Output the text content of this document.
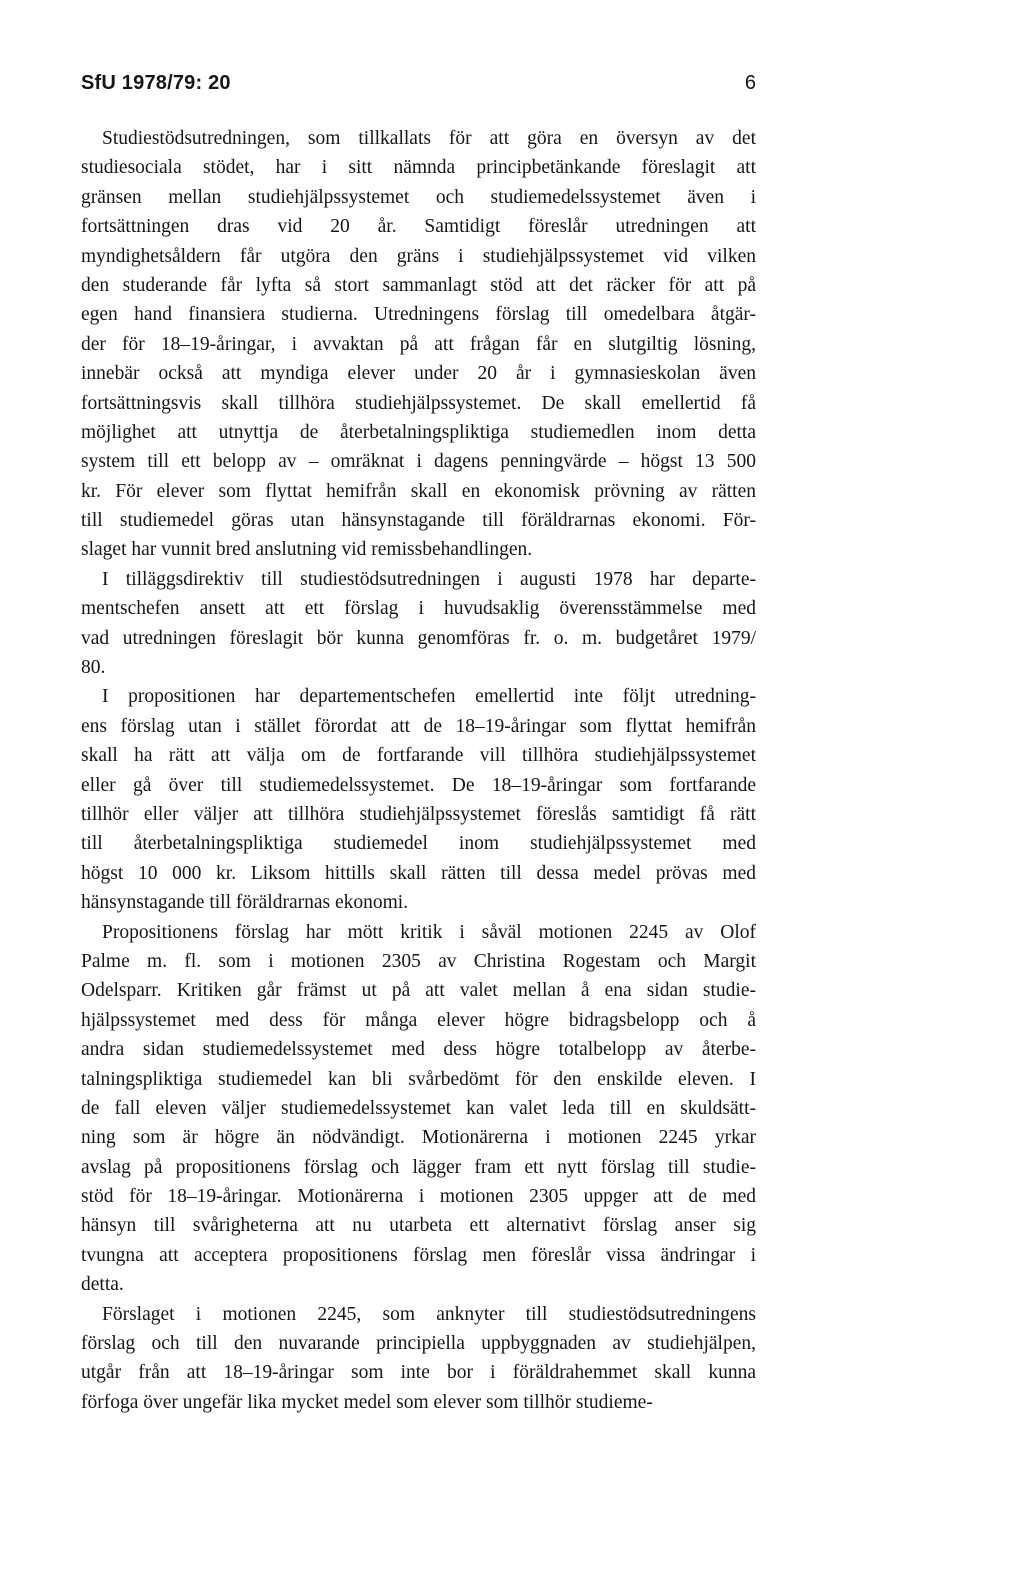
SfU 1978/79: 20	6
Studiestödsutredningen, som tillkallats för att göra en översyn av det
studiesociala stödet, har i sitt nämnda principbetänkande föreslagit att
gränsen mellan studiehjälpssystemet och studiemedelssystemet även i
fortsättningen dras vid 20 år. Samtidigt föreslår utredningen att
myndighetsåldern får utgöra den gräns i studiehjälpssystemet vid vilken
den studerande får lyfta så stort sammanlagt stöd att det räcker för att på
egen hand finansiera studierna. Utredningens förslag till omedelbara åtgär-
der för 18–19-åringar, i avvaktan på att frågan får en slutgiltig lösning,
innebär också att myndiga elever under 20 år i gymnasieskolan även
fortsättningsvis skall tillhöra studiehjälpssystemet. De skall emellertid få
möjlighet att utnyttja de återbetalningspliktiga studiemedlen inom detta
system till ett belopp av – omräknat i dagens penningvärde – högst 13 500
kr. För elever som flyttat hemifrån skall en ekonomisk prövning av rätten
till studiemedel göras utan hänsynstagande till föräldrarnas ekonomi. För-
slaget har vunnit bred anslutning vid remissbehandlingen.
I tilläggsdirektiv till studiestödsutredningen i augusti 1978 har departe-
mentschefen ansett att ett förslag i huvudsaklig överensstämmelse med
vad utredningen föreslagit bör kunna genomföras fr. o. m. budgetåret 1979/
80.
I propositionen har departementschefen emellertid inte följt utredning-
ens förslag utan i stället förordat att de 18–19-åringar som flyttat hemifrån
skall ha rätt att välja om de fortfarande vill tillhöra studiehjälpssystemet
eller gå över till studiemedelssystemet. De 18–19-åringar som fortfarande
tillhör eller väljer att tillhöra studiehjälpssystemet föreslås samtidigt få rätt
till återbetalningspliktiga studiemedel inom studiehjälpssystemet med
högst 10 000 kr. Liksom hittills skall rätten till dessa medel prövas med
hänsynstagande till föräldrarnas ekonomi.
Propositionens förslag har mött kritik i såväl motionen 2245 av Olof
Palme m. fl. som i motionen 2305 av Christina Rogestam och Margit
Odelsparr. Kritiken går främst ut på att valet mellan å ena sidan studie-
hjälpssystemet med dess för många elever högre bidragsbelopp och å
andra sidan studiemedelssystemet med dess högre totalbelopp av återbe-
talningspliktiga studiemedel kan bli svårbedömt för den enskilde eleven. I
de fall eleven väljer studiemedelssystemet kan valet leda till en skuldsätt-
ning som är högre än nödvändigt. Motionärerna i motionen 2245 yrkar
avslag på propositionens förslag och lägger fram ett nytt förslag till studie-
stöd för 18–19-åringar. Motionärerna i motionen 2305 uppger att de med
hänsyn till svårigheterna att nu utarbeta ett alternativt förslag anser sig
tvungna att acceptera propositionens förslag men föreslår vissa ändringar i
detta.
Förslaget i motionen 2245, som anknyter till studiestödsutredningens
förslag och till den nuvarande principiella uppbyggnaden av studiehjälpen,
utgår från att 18–19-åringar som inte bor i föräldrahemmet skall kunna
förfoga över ungefär lika mycket medel som elever som tillhör studieme-
